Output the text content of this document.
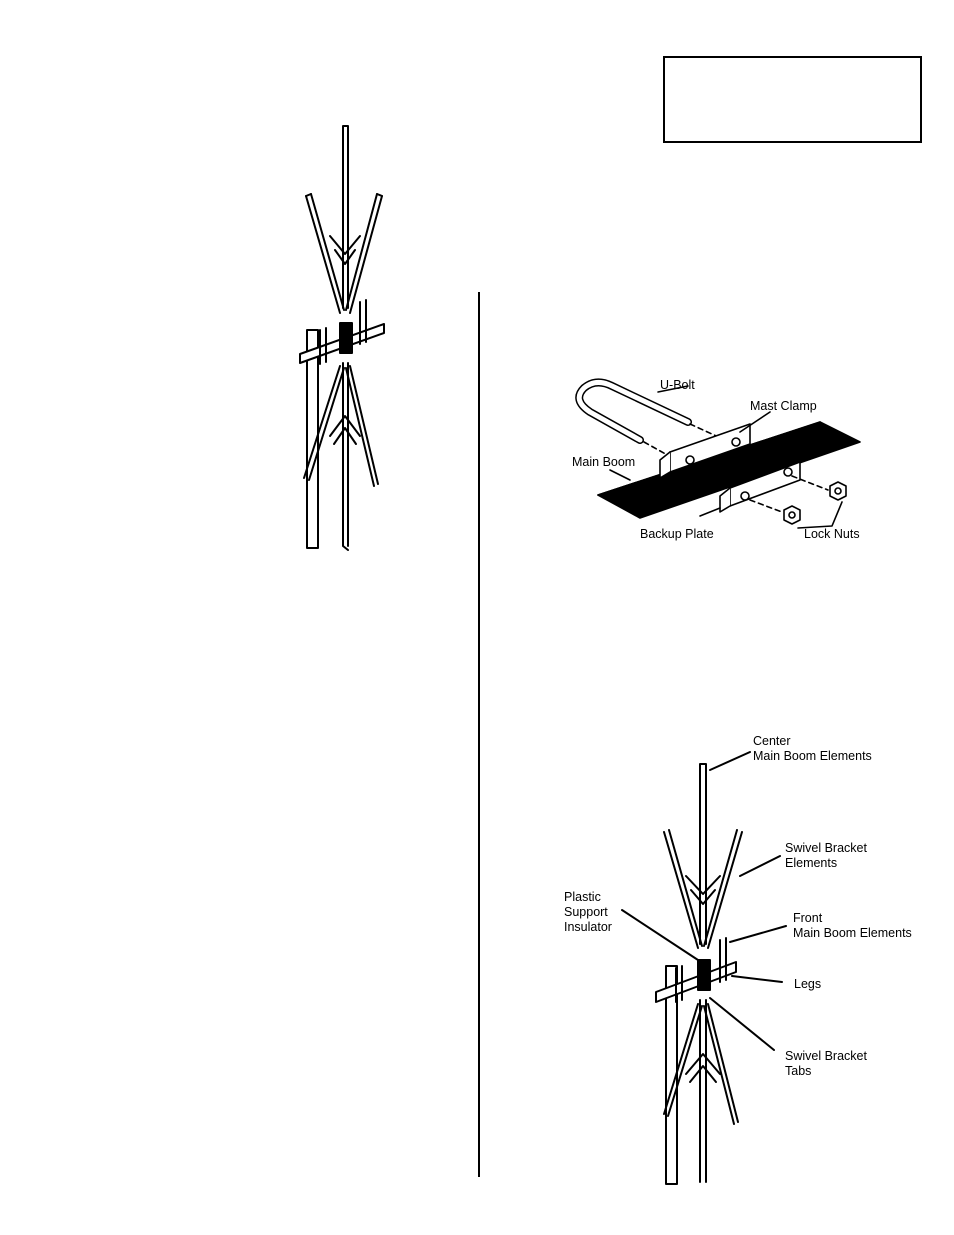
U-Bolt
Mast Clamp
Main Boom
Backup Plate	Lock Nuts
Center
Main Boom Elements
Swivel Bracket
Elements
Plastic
Support
Insulator
Front
Main Boom Elements
Legs
Swivel Bracket
Tabs
